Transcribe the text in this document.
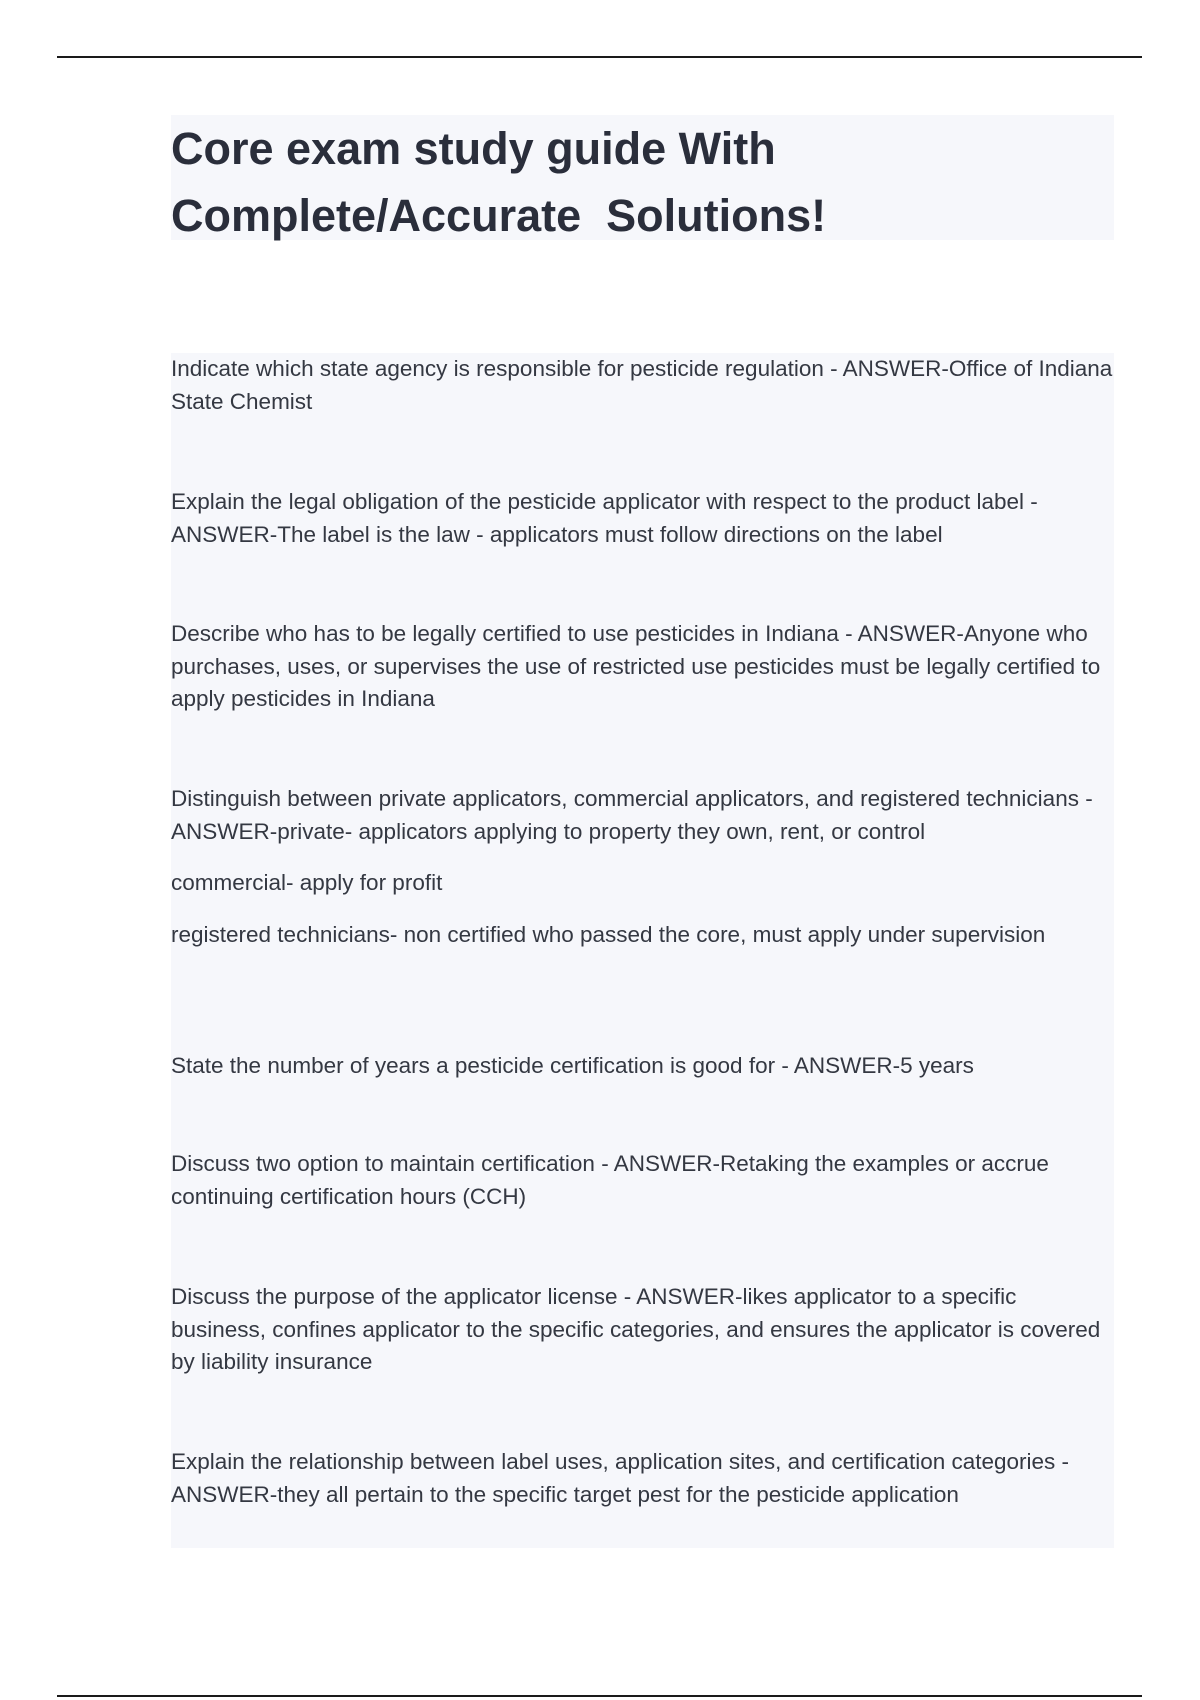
Core exam study guide With Complete/Accurate  Solutions!

Indicate which state agency is responsible for pesticide regulation - ANSWER-Office of Indiana State Chemist

Explain the legal obligation of the pesticide applicator with respect to the product label - ANSWER-The label is the law - applicators must follow directions on the label

Describe who has to be legally certified to use pesticides in Indiana - ANSWER-Anyone who purchases, uses, or supervises the use of restricted use pesticides must be legally certified to apply pesticides in Indiana

Distinguish between private applicators, commercial applicators, and registered technicians - ANSWER-private- applicators applying to property they own, rent, or control

commercial- apply for profit

registered technicians- non certified who passed the core, must apply under supervision

State the number of years a pesticide certification is good for - ANSWER-5 years

Discuss two option to maintain certification - ANSWER-Retaking the examples or accrue continuing certification hours (CCH)

Discuss the purpose of the applicator license - ANSWER-likes applicator to a specific business, confines applicator to the specific categories, and ensures the applicator is covered by liability insurance

Explain the relationship between label uses, application sites, and certification categories - ANSWER-they all pertain to the specific target pest for the pesticide application
